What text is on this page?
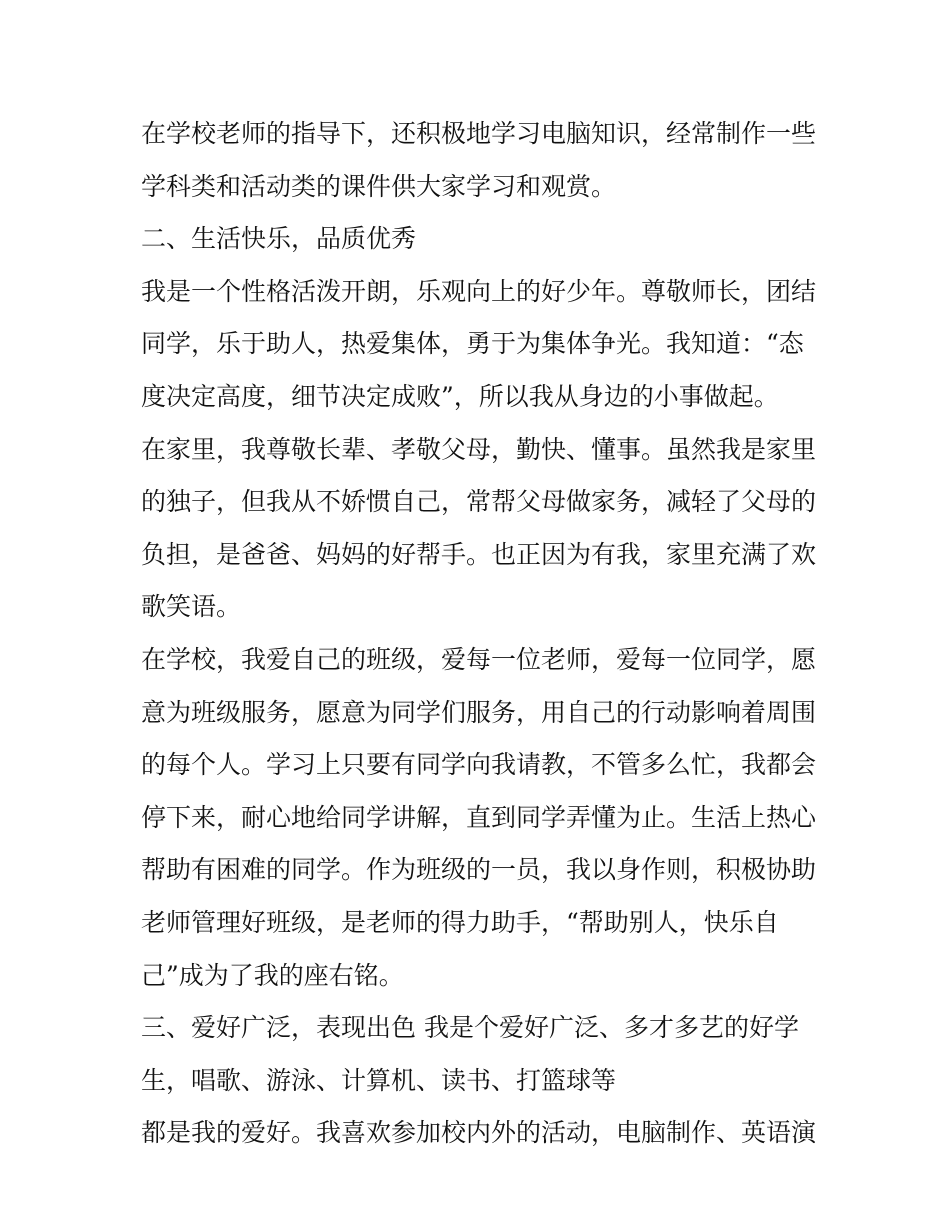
在学校老师的指导下，还积极地学习电脑知识，经常制作一些
学科类和活动类的课件供大家学习和观赏。
二、生活快乐，品质优秀
我是一个性格活泼开朗，乐观向上的好少年。尊敬师长，团结
同学，乐于助人，热爱集体，勇于为集体争光。我知道：“态
度决定高度，细节决定成败”，所以我从身边的小事做起。
在家里，我尊敬长辈、孝敬父母，勤快、懂事。虽然我是家里
的独子，但我从不娇惯自己，常帮父母做家务，减轻了父母的
负担，是爸爸、妈妈的好帮手。也正因为有我，家里充满了欢
歌笑语。
在学校，我爱自己的班级，爱每一位老师，爱每一位同学，愿
意为班级服务，愿意为同学们服务，用自己的行动影响着周围
的每个人。学习上只要有同学向我请教，不管多么忙，我都会
停下来，耐心地给同学讲解，直到同学弄懂为止。生活上热心
帮助有困难的同学。作为班级的一员，我以身作则，积极协助
老师管理好班级，是老师的得力助手，“帮助别人，快乐自
己”成为了我的座右铭。
三、爱好广泛，表现出色 我是个爱好广泛、多才多艺的好学
生，唱歌、游泳、计算机、读书、打篮球等
都是我的爱好。我喜欢参加校内外的活动，电脑制作、英语演
